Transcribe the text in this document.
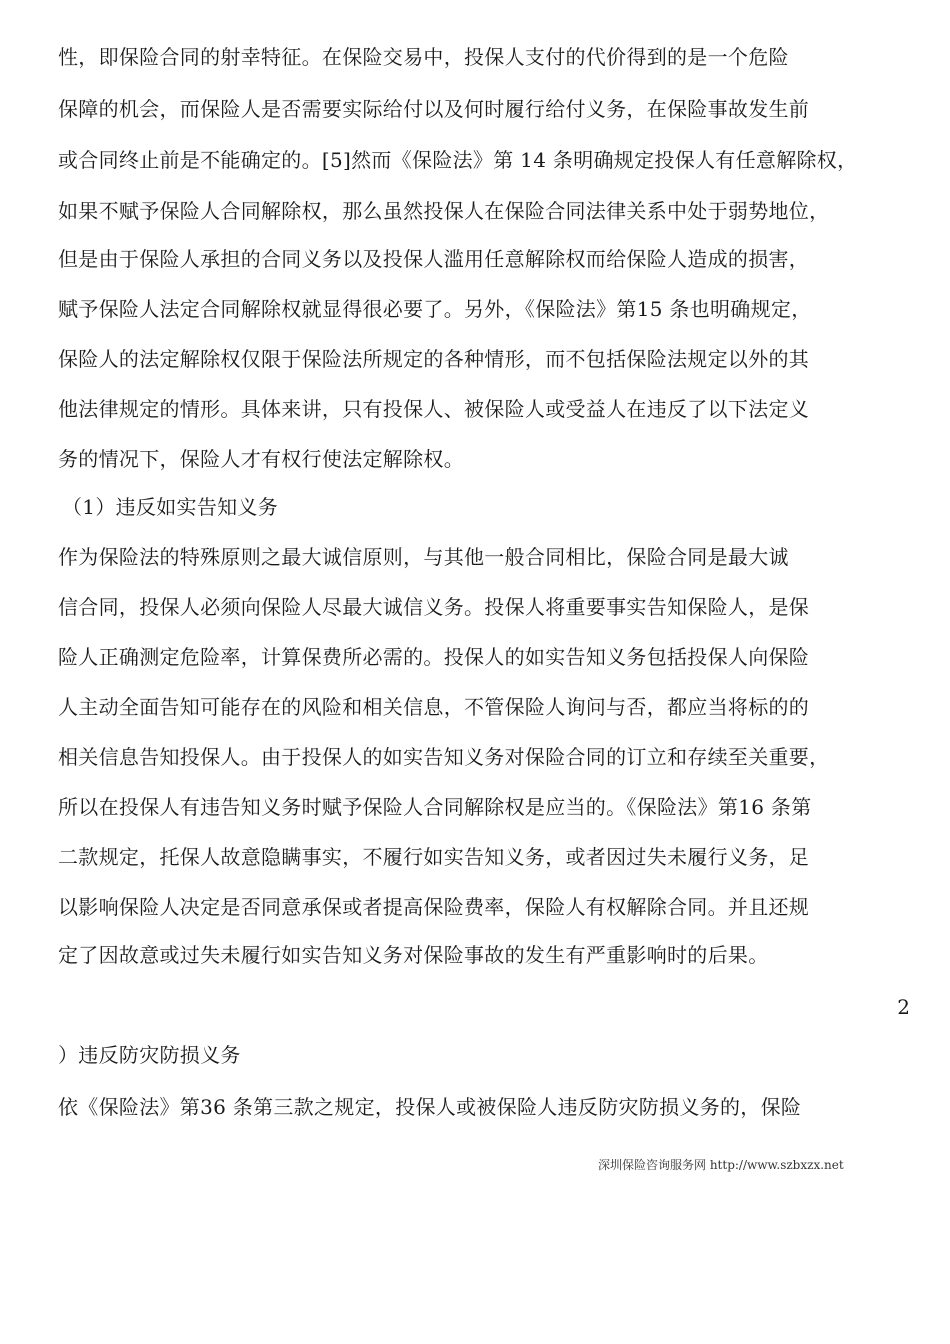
性，即保险合同的射幸特征。在保险交易中，投保人支付的代价得到的是一个危险
保障的机会，而保险人是否需要实际给付以及何时履行给付义务，在保险事故发生前
或合同终止前是不能确定的。[5]然而《保险法》第 14 条明确规定投保人有任意解除权，
如果不赋予保险人合同解除权，那么虽然投保人在保险合同法律关系中处于弱势地位，
但是由于保险人承担的合同义务以及投保人滥用任意解除权而给保险人造成的损害，
赋予保险人法定合同解除权就显得很必要了。另外，《保险法》第15 条也明确规定，
保险人的法定解除权仅限于保险法所规定的各种情形，而不包括保险法规定以外的其
他法律规定的情形。具体来讲，只有投保人、被保险人或受益人在违反了以下法定义
务的情况下，保险人才有权行使法定解除权。
（1）违反如实告知义务
作为保险法的特殊原则之最大诚信原则，与其他一般合同相比，保险合同是最大诚
信合同，投保人必须向保险人尽最大诚信义务。投保人将重要事实告知保险人，是保
险人正确测定危险率，计算保费所必需的。投保人的如实告知义务包括投保人向保险
人主动全面告知可能存在的风险和相关信息，不管保险人询问与否，都应当将标的的
相关信息告知投保人。由于投保人的如实告知义务对保险合同的订立和存续至关重要，
所以在投保人有违告知义务时赋予保险人合同解除权是应当的。《保险法》第16 条第
二款规定，托保人故意隐瞒事实，不履行如实告知义务，或者因过失未履行义务，足
以影响保险人决定是否同意承保或者提高保险费率，保险人有权解除合同。并且还规
定了因故意或过失未履行如实告知义务对保险事故的发生有严重影响时的后果。
2
）违反防灾防损义务
依《保险法》第36 条第三款之规定，投保人或被保险人违反防灾防损义务的，保险
深圳保险咨询服务网 http://www.szbxzx.net
